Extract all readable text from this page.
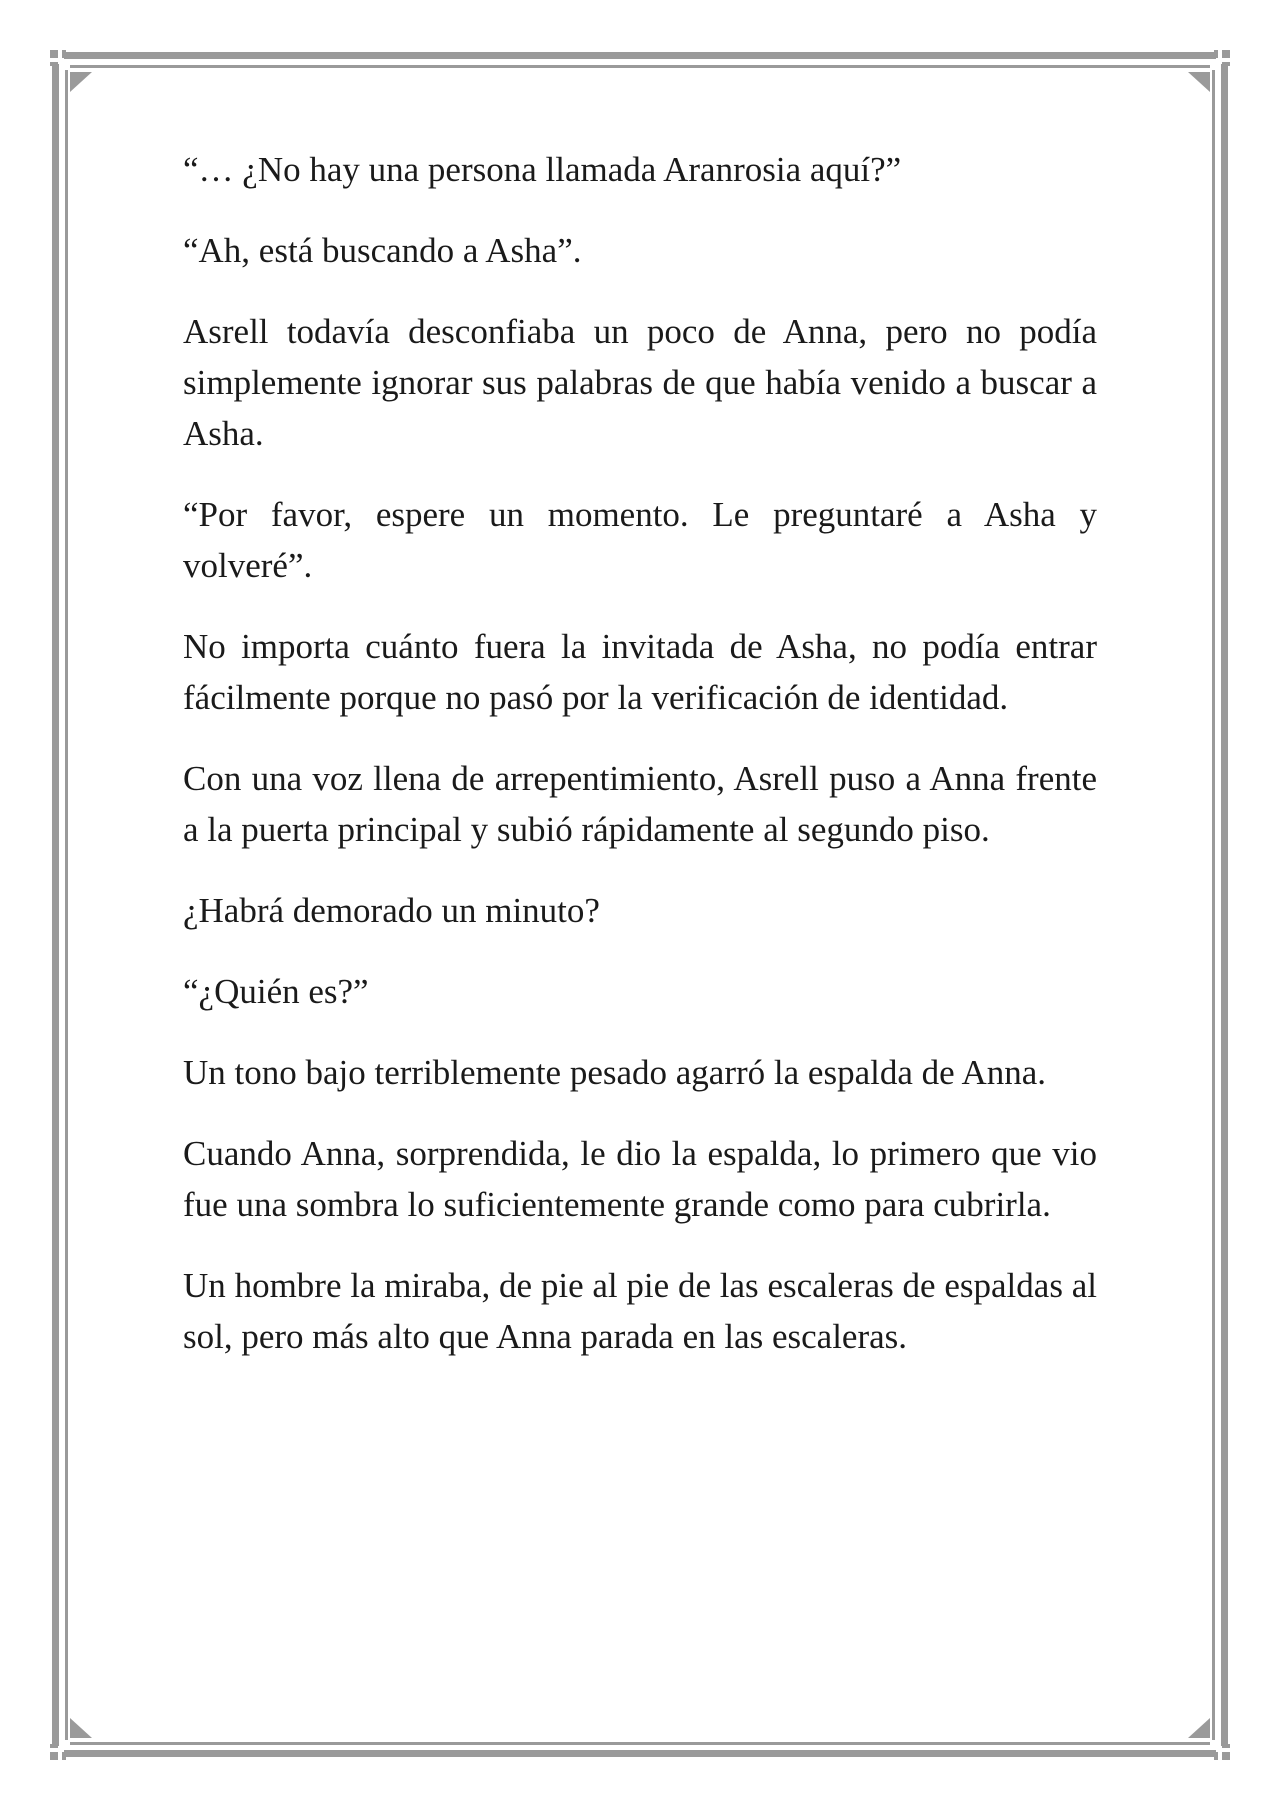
“… ¿No hay una persona llamada Aranrosia aquí?”

“Ah, está buscando a Asha”.

Asrell todavía desconfiaba un poco de Anna, pero no podía simplemente ignorar sus palabras de que había venido a buscar a Asha.

“Por favor, espere un momento. Le preguntaré a Asha y volveré”.

No importa cuánto fuera la invitada de Asha, no podía entrar fácilmente porque no pasó por la verificación de identidad.

Con una voz llena de arrepentimiento, Asrell puso a Anna frente a la puerta principal y subió rápidamente al segundo piso.

¿Habrá demorado un minuto?

“¿Quién es?”

Un tono bajo terriblemente pesado agarró la espalda de Anna.

Cuando Anna, sorprendida, le dio la espalda, lo primero que vio fue una sombra lo suficientemente grande como para cubrirla.

Un hombre la miraba, de pie al pie de las escaleras de espaldas al sol, pero más alto que Anna parada en las escaleras.
